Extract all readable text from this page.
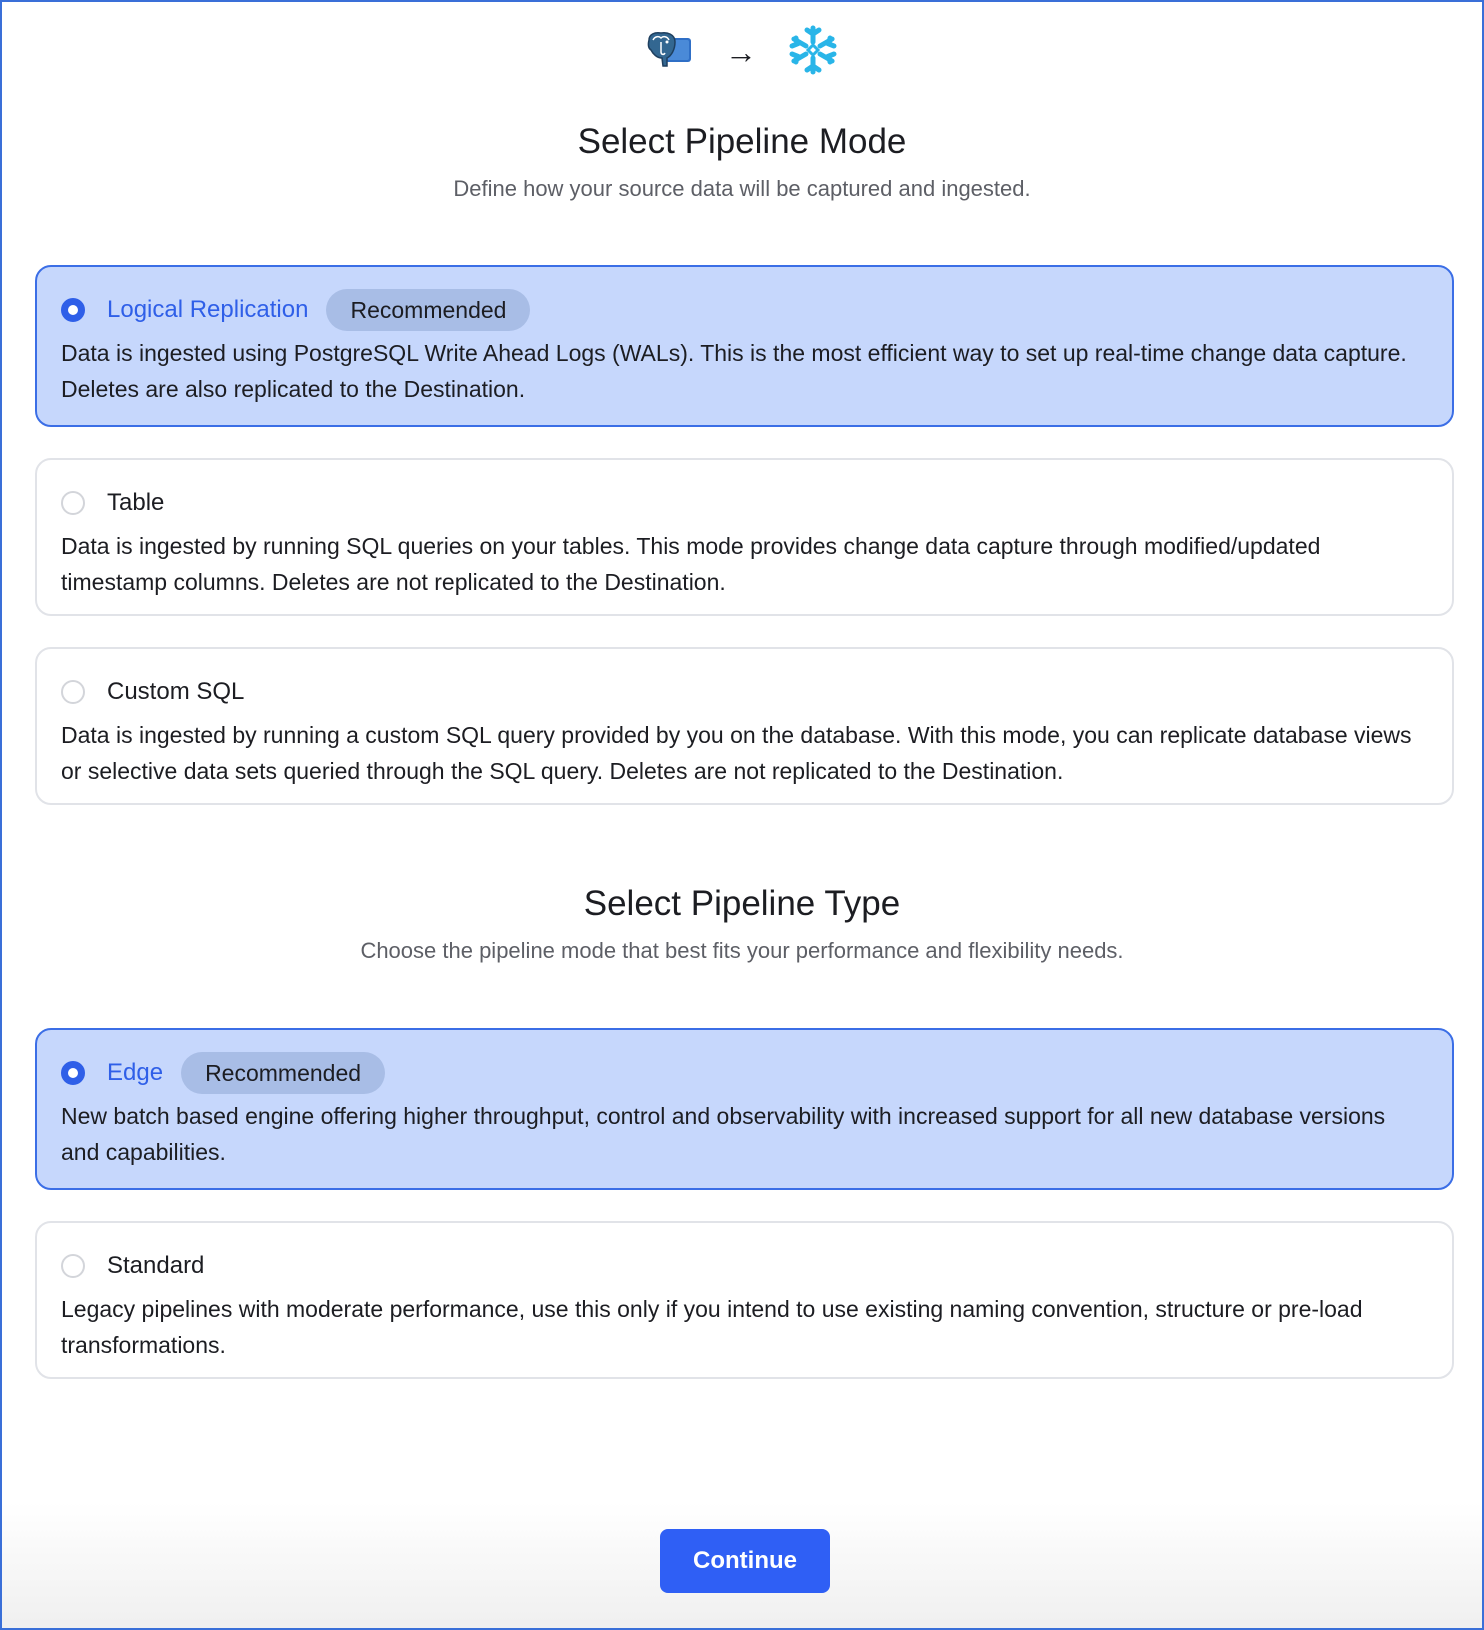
→
Select Pipeline Mode
Define how your source data will be captured and ingested.
Logical Replication	Recommended
Data is ingested using PostgreSQL Write Ahead Logs (WALs). This is the most efficient way to set up real-time change data capture. Deletes are also replicated to the Destination.
Table
Data is ingested by running SQL queries on your tables. This mode provides change data capture through modified/updated timestamp columns. Deletes are not replicated to the Destination.
Custom SQL
Data is ingested by running a custom SQL query provided by you on the database. With this mode, you can replicate database views or selective data sets queried through the SQL query. Deletes are not replicated to the Destination.
Select Pipeline Type
Choose the pipeline mode that best fits your performance and flexibility needs.
Edge	Recommended
New batch based engine offering higher throughput, control and observability with increased support for all new database versions and capabilities.
Standard
Legacy pipelines with moderate performance, use this only if you intend to use existing naming convention, structure or pre-load transformations.
Continue
